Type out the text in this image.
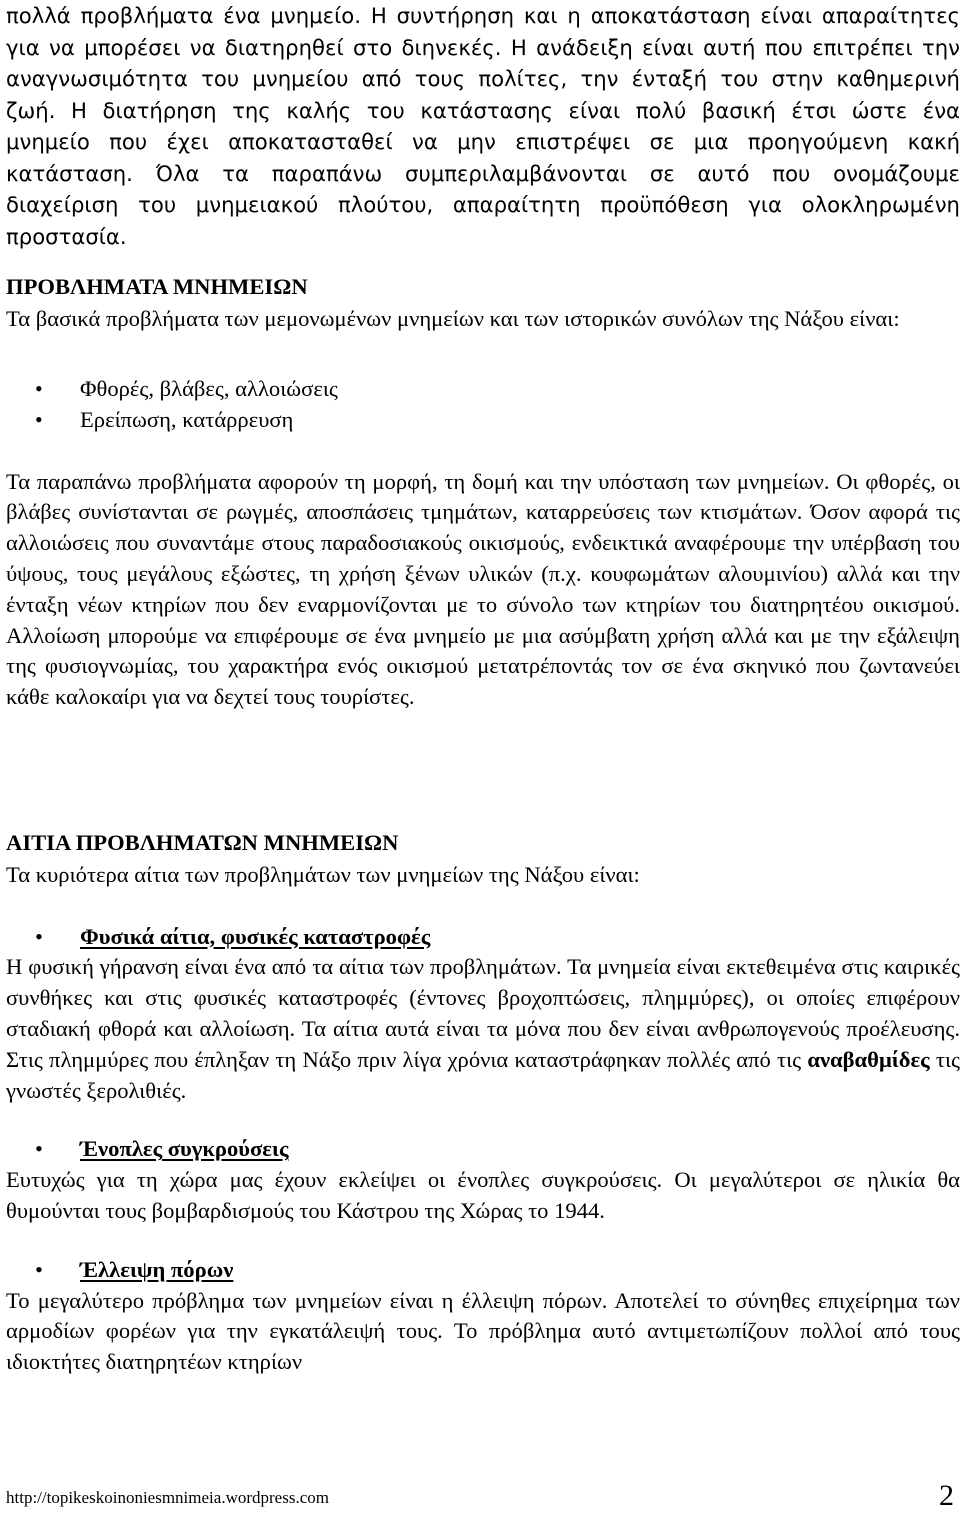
πολλά προβλήματα ένα μνημείο. Η συντήρηση και η αποκατάσταση είναι απαραίτητες για να μπορέσει να διατηρηθεί στο διηνεκές. Η ανάδειξη είναι αυτή που επιτρέπει την αναγνωσιμότητα του μνημείου από τους πολίτες, την ένταξή του στην καθημερινή ζωή. Η διατήρηση της καλής του κατάστασης είναι πολύ βασική έτσι ώστε ένα μνημείο που έχει αποκατασταθεί να μην επιστρέψει σε μια προηγούμενη κακή κατάσταση. Όλα τα παραπάνω συμπεριλαμβάνονται σε αυτό που ονομάζουμε διαχείριση του μνημειακού πλούτου, απαραίτητη προϋπόθεση για ολοκληρωμένη προστασία.

ΠΡΟΒΛΗΜΑΤΑ ΜΝΗΜΕΙΩΝ

Τα βασικά προβλήματα των μεμονωμένων μνημείων και των ιστορικών συνόλων της Νάξου είναι:

• Φθορές, βλάβες, αλλοιώσεις
• Ερείπωση, κατάρρευση

Τα παραπάνω προβλήματα αφορούν τη μορφή, τη δομή και την υπόσταση των μνημείων. Οι φθορές, οι βλάβες συνίστανται σε ρωγμές, αποσπάσεις τμημάτων, καταρρεύσεις των κτισμάτων. Όσον αφορά τις αλλοιώσεις που συναντάμε στους παραδοσιακούς οικισμούς, ενδεικτικά αναφέρουμε την υπέρβαση του ύψους, τους μεγάλους εξώστες, τη χρήση ξένων υλικών (π.χ. κουφωμάτων αλουμινίου) αλλά και την ένταξη νέων κτηρίων που δεν εναρμονίζονται με το σύνολο των κτηρίων του διατηρητέου οικισμού. Αλλοίωση μπορούμε να επιφέρουμε σε ένα μνημείο με μια ασύμβατη χρήση αλλά και με την εξάλειψη της φυσιογνωμίας, του χαρακτήρα ενός οικισμού μετατρέποντάς τον σε ένα σκηνικό που ζωντανεύει κάθε καλοκαίρι για να δεχτεί τους τουρίστες.

ΑΙΤΙΑ ΠΡΟΒΛΗΜΑΤΩΝ ΜΝΗΜΕΙΩΝ

Τα κυριότερα αίτια των προβλημάτων των μνημείων της Νάξου είναι:

• Φυσικά αίτια, φυσικές καταστροφές

Η φυσική γήρανση είναι ένα από τα αίτια των προβλημάτων. Τα μνημεία είναι εκτεθειμένα στις καιρικές συνθήκες και στις φυσικές καταστροφές (έντονες βροχοπτώσεις, πλημμύρες), οι οποίες επιφέρουν σταδιακή φθορά και αλλοίωση. Τα αίτια αυτά είναι τα μόνα που δεν είναι ανθρωπογενούς προέλευσης. Στις πλημμύρες που έπληξαν τη Νάξο πριν λίγα χρόνια καταστράφηκαν πολλές από τις αναβαθμίδες τις γνωστές ξερολιθιές.

• Ένοπλες συγκρούσεις

Ευτυχώς για τη χώρα μας έχουν εκλείψει οι ένοπλες συγκρούσεις. Οι μεγαλύτεροι σε ηλικία θα θυμούνται τους βομβαρδισμούς του Κάστρου της Χώρας το 1944.

• Έλλειψη πόρων

Το μεγαλύτερο πρόβλημα των μνημείων είναι η έλλειψη πόρων. Αποτελεί το σύνηθες επιχείρημα των αρμοδίων φορέων για την εγκατάλειψή τους. Το πρόβλημα αυτό αντιμετωπίζουν πολλοί από τους ιδιοκτήτες διατηρητέων κτηρίων

http://topikeskoinoniesmnimeia.wordpress.com	2
